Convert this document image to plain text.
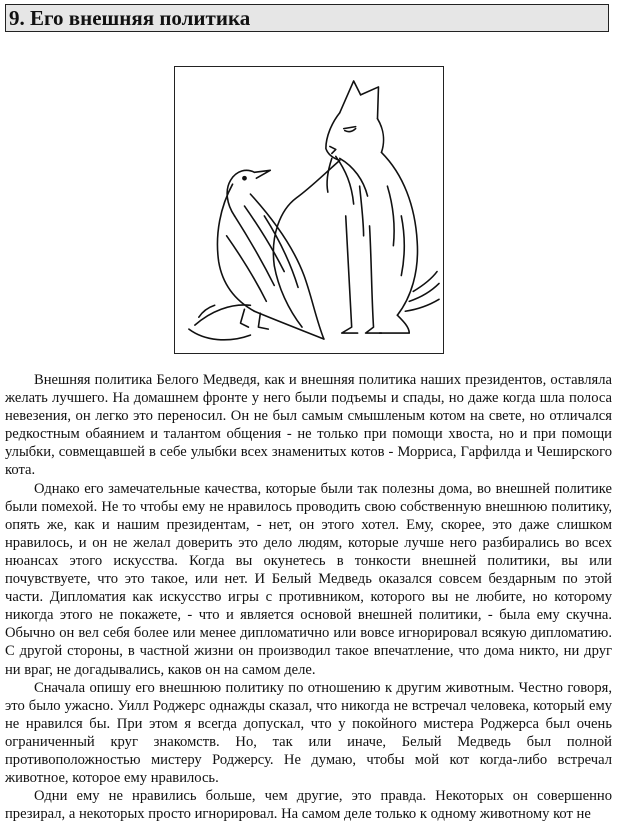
9. Его внешняя политика

Внешняя политика Белого Медведя, как и внешняя политика наших президентов, оставляла желать лучшего. На домашнем фронте у него были подъемы и спады, но даже когда шла полоса невезения, он легко это переносил. Он не был самым смышленым котом на свете, но отличался редкостным обаянием и талантом общения - не только при помощи хвоста, но и при помощи улыбки, совмещавшей в себе улыбки всех знаменитых котов - Морриса, Гарфилда и Чеширского кота.

Однако его замечательные качества, которые были так полезны дома, во внешней политике были помехой. Не то чтобы ему не нравилось проводить свою собственную внешнюю политику, опять же, как и нашим президентам, - нет, он этого хотел. Ему, скорее, это даже слишком нравилось, и он не желал доверить это дело людям, которые лучше него разбирались во всех нюансах этого искусства. Когда вы окунетесь в тонкости внешней политики, вы или почувствуете, что это такое, или нет. И Белый Медведь оказался совсем бездарным по этой части. Дипломатия как искусство игры с противником, которого вы не любите, но которому никогда этого не покажете, - что и является основой внешней политики, - была ему скучна. Обычно он вел себя более или менее дипломатично или вовсе игнорировал всякую дипломатию. С другой стороны, в частной жизни он производил такое впечатление, что дома никто, ни друг ни враг, не догадывались, каков он на самом деле.

Сначала опишу его внешнюю политику по отношению к другим животным. Честно говоря, это было ужасно. Уилл Роджерс однажды сказал, что никогда не встречал человека, который ему не нравился бы. При этом я всегда допускал, что у покойного мистера Роджерса был очень ограниченный круг знакомств. Но, так или иначе, Белый Медведь был полной противоположностью мистеру Роджерсу. Не думаю, чтобы мой кот когда-либо встречал животное, которое ему нравилось.

Одни ему не нравились больше, чем другие, это правда. Некоторых он совершенно презирал, а некоторых просто игнорировал. На самом деле только к одному животному кот не
